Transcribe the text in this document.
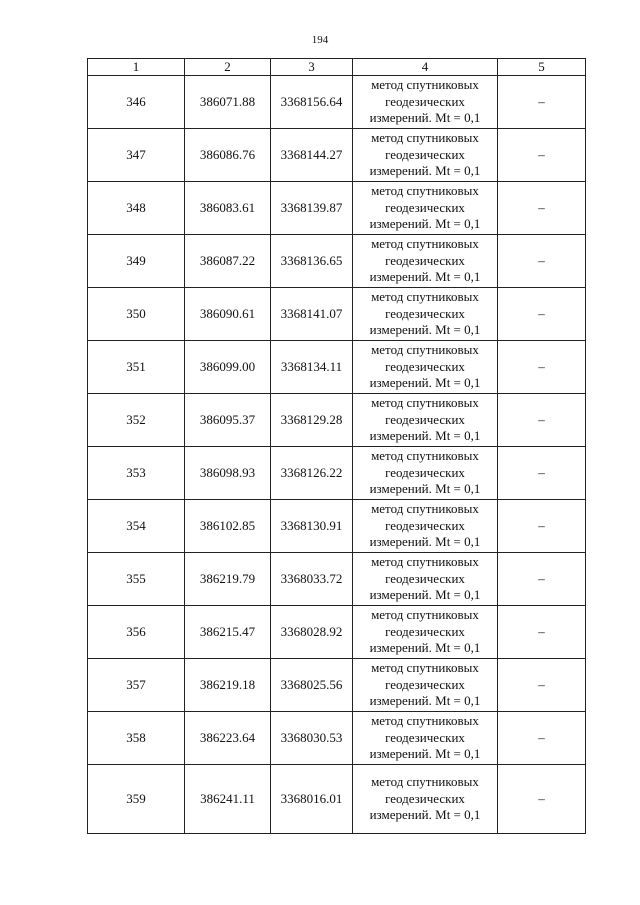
194
1	2	3	4	5
346	386071.88	3368156.64	метод спутниковых
геодезических
измерений. Mt = 0,1	–
347	386086.76	3368144.27	метод спутниковых
геодезических
измерений. Mt = 0,1	–
348	386083.61	3368139.87	метод спутниковых
геодезических
измерений. Mt = 0,1	–
349	386087.22	3368136.65	метод спутниковых
геодезических
измерений. Mt = 0,1	–
350	386090.61	3368141.07	метод спутниковых
геодезических
измерений. Mt = 0,1	–
351	386099.00	3368134.11	метод спутниковых
геодезических
измерений. Mt = 0,1	–
352	386095.37	3368129.28	метод спутниковых
геодезических
измерений. Mt = 0,1	–
353	386098.93	3368126.22	метод спутниковых
геодезических
измерений. Mt = 0,1	–
354	386102.85	3368130.91	метод спутниковых
геодезических
измерений. Mt = 0,1	–
355	386219.79	3368033.72	метод спутниковых
геодезических
измерений. Mt = 0,1	–
356	386215.47	3368028.92	метод спутниковых
геодезических
измерений. Mt = 0,1	–
357	386219.18	3368025.56	метод спутниковых
геодезических
измерений. Mt = 0,1	–
358	386223.64	3368030.53	метод спутниковых
геодезических
измерений. Mt = 0,1	–
359	386241.11	3368016.01	метод спутниковых
геодезических
измерений. Mt = 0,1	–
